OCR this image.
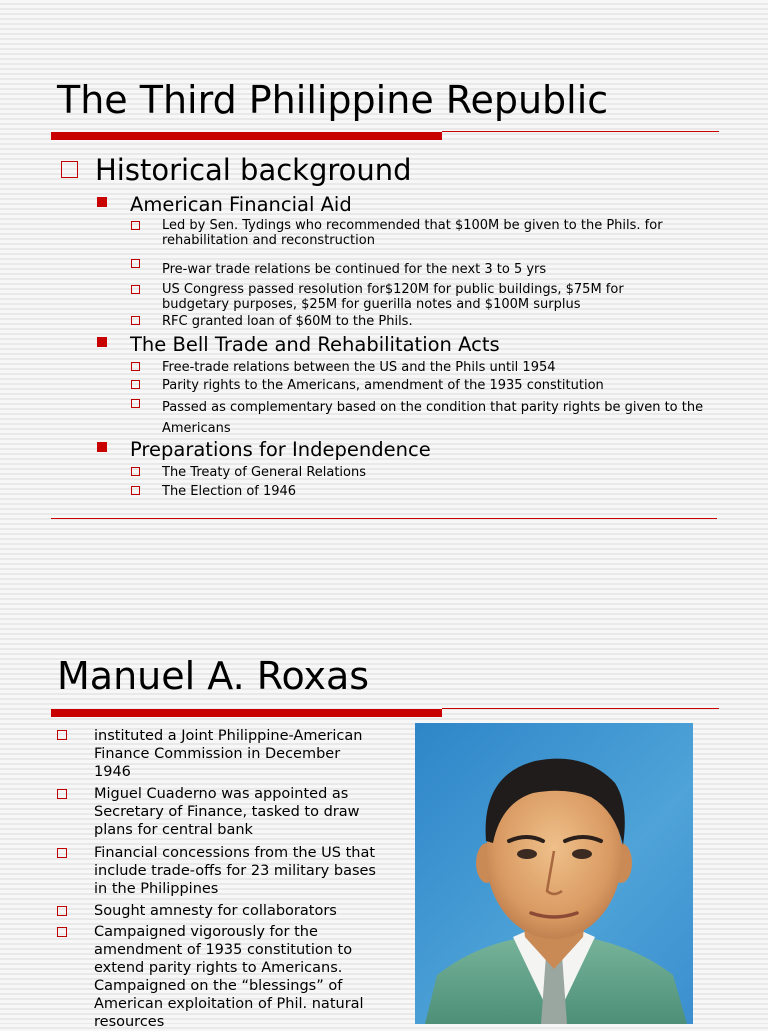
The Third Philippine Republic
Historical background
American Financial Aid
Led by Sen. Tydings who recommended that $100M be given to the Phils. for rehabilitation and reconstruction
Pre-war trade relations be continued for the next 3 to 5 yrs
US Congress passed resolution for$120M for public buildings, $75M for budgetary purposes, $25M for guerilla notes and $100M surplus
RFC granted loan of $60M to the Phils.
The Bell Trade and Rehabilitation Acts
Free-trade relations between the US and the Phils until 1954
Parity rights to the Americans, amendment of the 1935 constitution
Passed as complementary based on the condition that parity rights be given to the Americans
Preparations for Independence
The Treaty of General Relations
The Election of 1946
Manuel A. Roxas
instituted a Joint Philippine-American Finance Commission in December 1946
Miguel Cuaderno was appointed as Secretary of Finance, tasked to draw plans for central bank
Financial concessions from the US that include trade-offs for 23 military bases in the Philippines
Sought amnesty for collaborators
Campaigned vigorously for the amendment of 1935 constitution to extend parity rights to Americans. Campaigned on the “blessings” of American exploitation of Phil. natural resources
